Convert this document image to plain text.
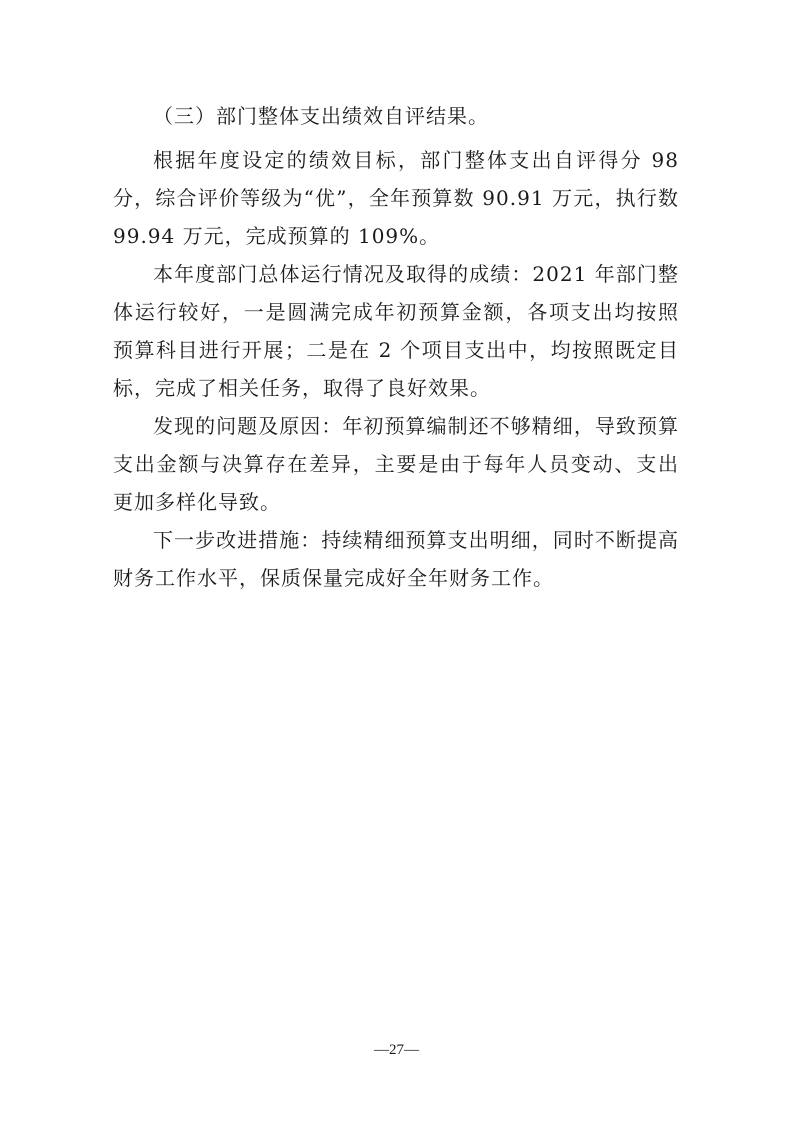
（三）部门整体支出绩效自评结果。

根据年度设定的绩效目标，部门整体支出自评得分 98 分，综合评价等级为“优”，全年预算数 90.91 万元，执行数 99.94 万元，完成预算的 109%。

本年度部门总体运行情况及取得的成绩：2021 年部门整体运行较好，一是圆满完成年初预算金额，各项支出均按照预算科目进行开展；二是在 2 个项目支出中，均按照既定目标，完成了相关任务，取得了良好效果。

发现的问题及原因：年初预算编制还不够精细，导致预算支出金额与决算存在差异，主要是由于每年人员变动、支出更加多样化导致。

下一步改进措施：持续精细预算支出明细，同时不断提高财务工作水平，保质保量完成好全年财务工作。

—27—
